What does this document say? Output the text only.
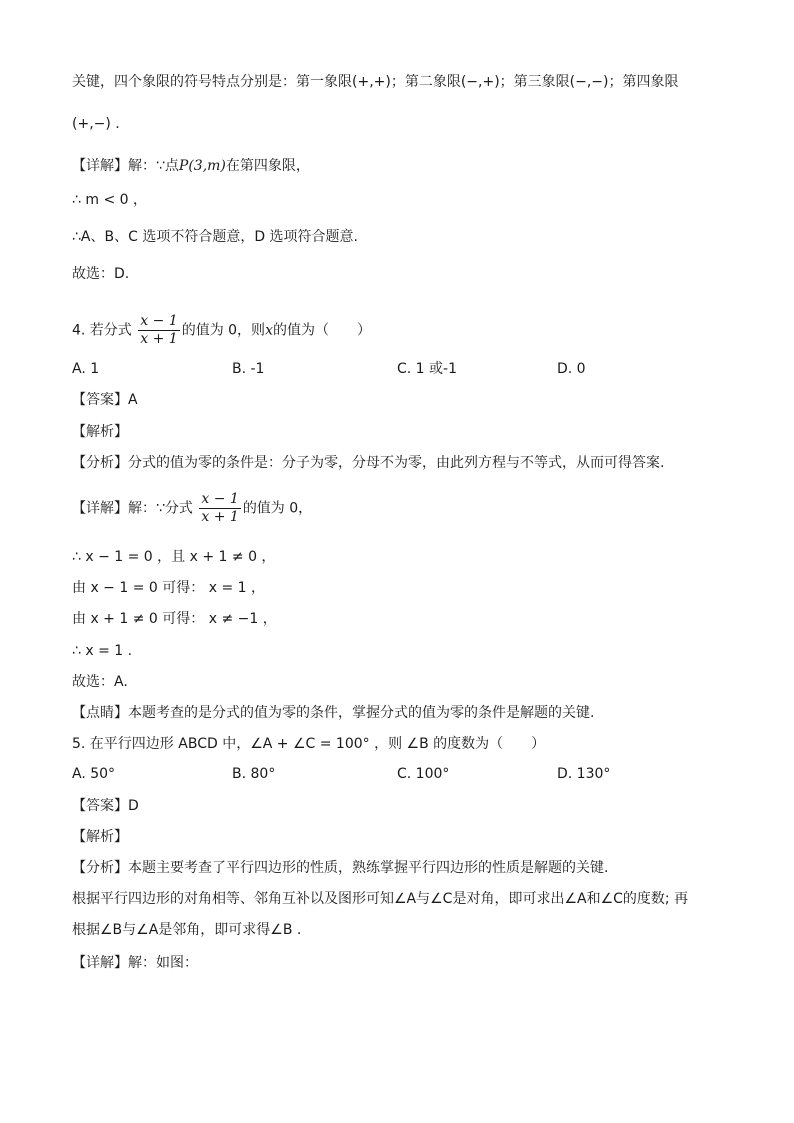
关键，四个象限的符号特点分别是：第一象限(+,+)；第二象限(−,+)；第三象限(−,−)；第四象限
(+,−) .
【详解】解：∵点P(3,m)在第四象限，
∴ m < 0 ，
∴A、B、C 选项不符合题意，D 选项符合题意.
故选：D.
4. 若分式 $\frac{x - 1}{x + 1}$ 的值为 0，则x的值为（　　）
A. 1	B. -1	C. 1 或-1	D. 0
【答案】A
【解析】
【分析】分式的值为零的条件是：分子为零，分母不为零，由此列方程与不等式，从而可得答案.
【详解】解：∵分式 $\frac{x - 1}{x + 1}$ 的值为 0，
∴ x − 1 = 0 ，且 x + 1 ≠ 0 ，
由 x − 1 = 0 可得： x = 1 ，
由 x + 1 ≠ 0 可得： x ≠ −1 ，
∴ x = 1 .
故选：A.
【点睛】本题考查的是分式的值为零的条件，掌握分式的值为零的条件是解题的关键.
5. 在平行四边形 ABCD 中，∠A + ∠C = 100° ，则 ∠B 的度数为（　　）
A. 50°	B. 80°	C. 100°	D. 130°
【答案】D
【解析】
【分析】本题主要考查了平行四边形的性质，熟练掌握平行四边形的性质是解题的关键.
根据平行四边形的对角相等、邻角互补以及图形可知∠A与∠C是对角，即可求出∠A和∠C的度数; 再
根据∠B与∠A是邻角，即可求得∠B .
【详解】解：如图：
